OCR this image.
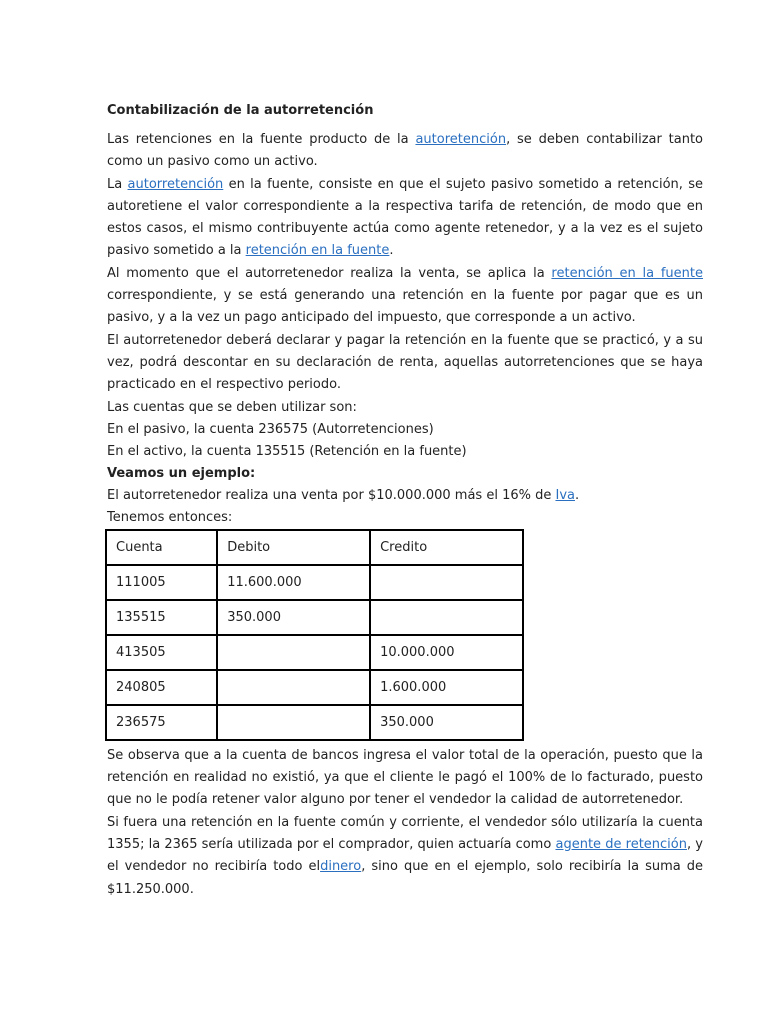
Contabilización de la autorretención

Las retenciones en la fuente producto de la autoretención, se deben contabilizar tanto como un pasivo como un activo.

La autorretención en la fuente, consiste en que el sujeto pasivo sometido a retención, se autoretiene el valor correspondiente a la respectiva tarifa de retención, de modo que en estos casos, el mismo contribuyente actúa como agente retenedor, y a la vez es el sujeto pasivo sometido a la retención en la fuente.

Al momento que el autorretenedor realiza la venta, se aplica la retención en la fuente correspondiente, y se está generando una retención en la fuente por pagar que es un pasivo, y a la vez un pago anticipado del impuesto, que corresponde a un activo.

El autorretenedor deberá declarar y pagar la retención en la fuente que se practicó, y a su vez, podrá descontar en su declaración de renta, aquellas autorretenciones que se haya practicado en el respectivo periodo.

Las cuentas que se deben utilizar son:

En el pasivo, la cuenta 236575 (Autorretenciones)

En el activo, la cuenta 135515 (Retención en la fuente)

Veamos un ejemplo:

El autorretenedor realiza una venta por $10.000.000 más el 16% de Iva.

Tenemos entonces:

Cuenta	Debito	Credito
111005	11.600.000	
135515	350.000	
413505		10.000.000
240805		1.600.000
236575		350.000

Se observa que a la cuenta de bancos ingresa el valor total de la operación, puesto que la retención en realidad no existió, ya que el cliente le pagó el 100% de lo facturado, puesto que no le podía retener valor alguno por tener el vendedor la calidad de autorretenedor.

Si fuera una retención en la fuente común y corriente, el vendedor sólo utilizaría la cuenta 1355; la 2365 sería utilizada por el comprador, quien actuaría como agente de retención, y el vendedor no recibiría todo eldinero, sino que en el ejemplo, solo recibiría la suma de $11.250.000.
